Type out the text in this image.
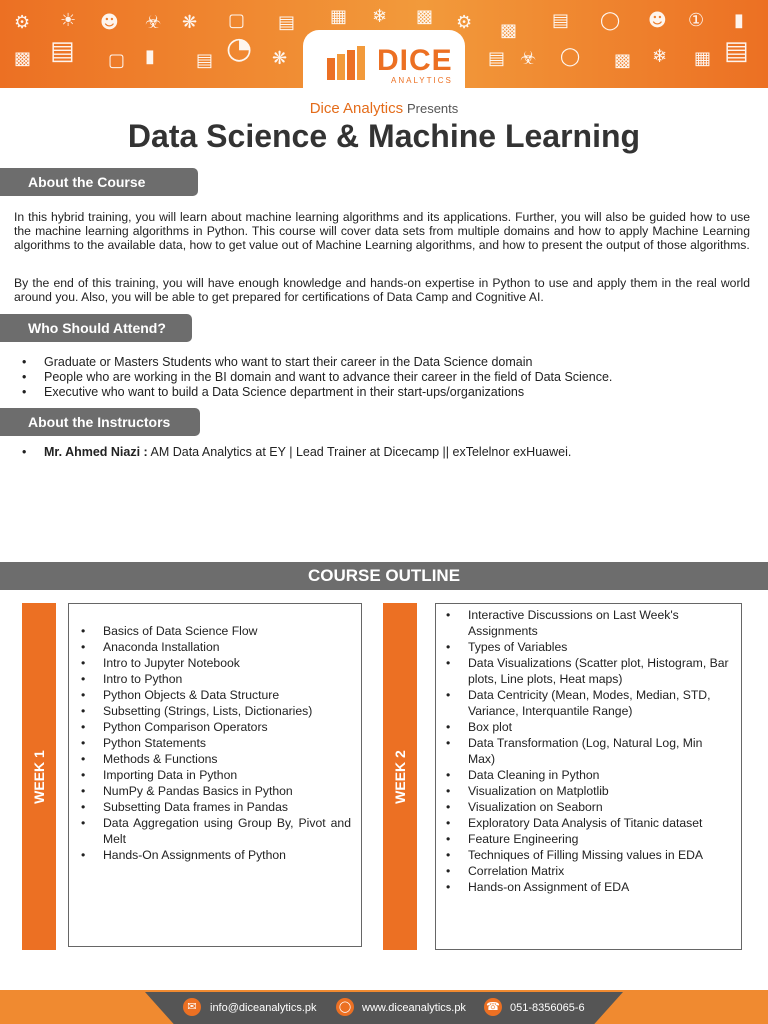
⚙ ☀ ☻ ☣ ❋ ▢ ▤ ▦ ❄ ▩ ⚙ ▩ ▤ ◯ ☻ ① ▮
▩ ▤ ▢ ▮ ▤ ◔ ❋	▤ ☣ ◯ ▩ ❄ ▦ ▤
DICE
ANALYTICS
Dice Analytics Presents
Data Science & Machine Learning
About the Course

In this hybrid training, you will learn about machine learning algorithms and its applications. Further, you will also be guided how to use the machine learning algorithms in Python. This course will cover data sets from multiple domains and how to apply Machine Learning algorithms to the available data, how to get value out of Machine Learning algorithms, and how to present the output of those algorithms.

By the end of this training, you will have enough knowledge and hands-on expertise in Python to use and apply them in the real world around you. Also, you will be able to get prepared for certifications of Data Camp and Cognitive AI.

Who Should Attend?
• Graduate or Masters Students who want to start their career in the Data Science domain
• People who are working in the BI domain and want to advance their career in the field of Data Science.
• Executive who want to build a Data Science department in their start-ups/organizations
About the Instructors
• Mr. Ahmed Niazi : AM Data Analytics at EY | Lead Trainer at Dicecamp || exTelelnor exHuawei.
COURSE OUTLINE
WEEK 1
• Basics of Data Science Flow
• Anaconda Installation
• Intro to Jupyter Notebook
• Intro to Python
• Python Objects & Data Structure
• Subsetting (Strings, Lists, Dictionaries)
• Python Comparison Operators
• Python Statements
• Methods & Functions
• Importing Data in Python
• NumPy & Pandas Basics in Python
• Subsetting Data frames in Pandas
• Data Aggregation using Group By, Pivot and Melt
• Hands-On Assignments of Python
WEEK 2
• Interactive Discussions on Last Week's Assignments
• Types of Variables
• Data Visualizations (Scatter plot, Histogram, Bar plots, Line plots, Heat maps)
• Data Centricity (Mean, Modes, Median, STD, Variance, Interquantile Range)
• Box plot
• Data Transformation (Log, Natural Log, Min Max)
• Data Cleaning in Python
• Visualization on Matplotlib
• Visualization on Seaborn
• Exploratory Data Analysis of Titanic dataset
• Feature Engineering
• Techniques of Filling Missing values in EDA
• Correlation Matrix
• Hands-on Assignment of EDA
✉	info@diceanalytics.pk ◯ www.diceanalytics.pk ☎ 051-8356065-6
